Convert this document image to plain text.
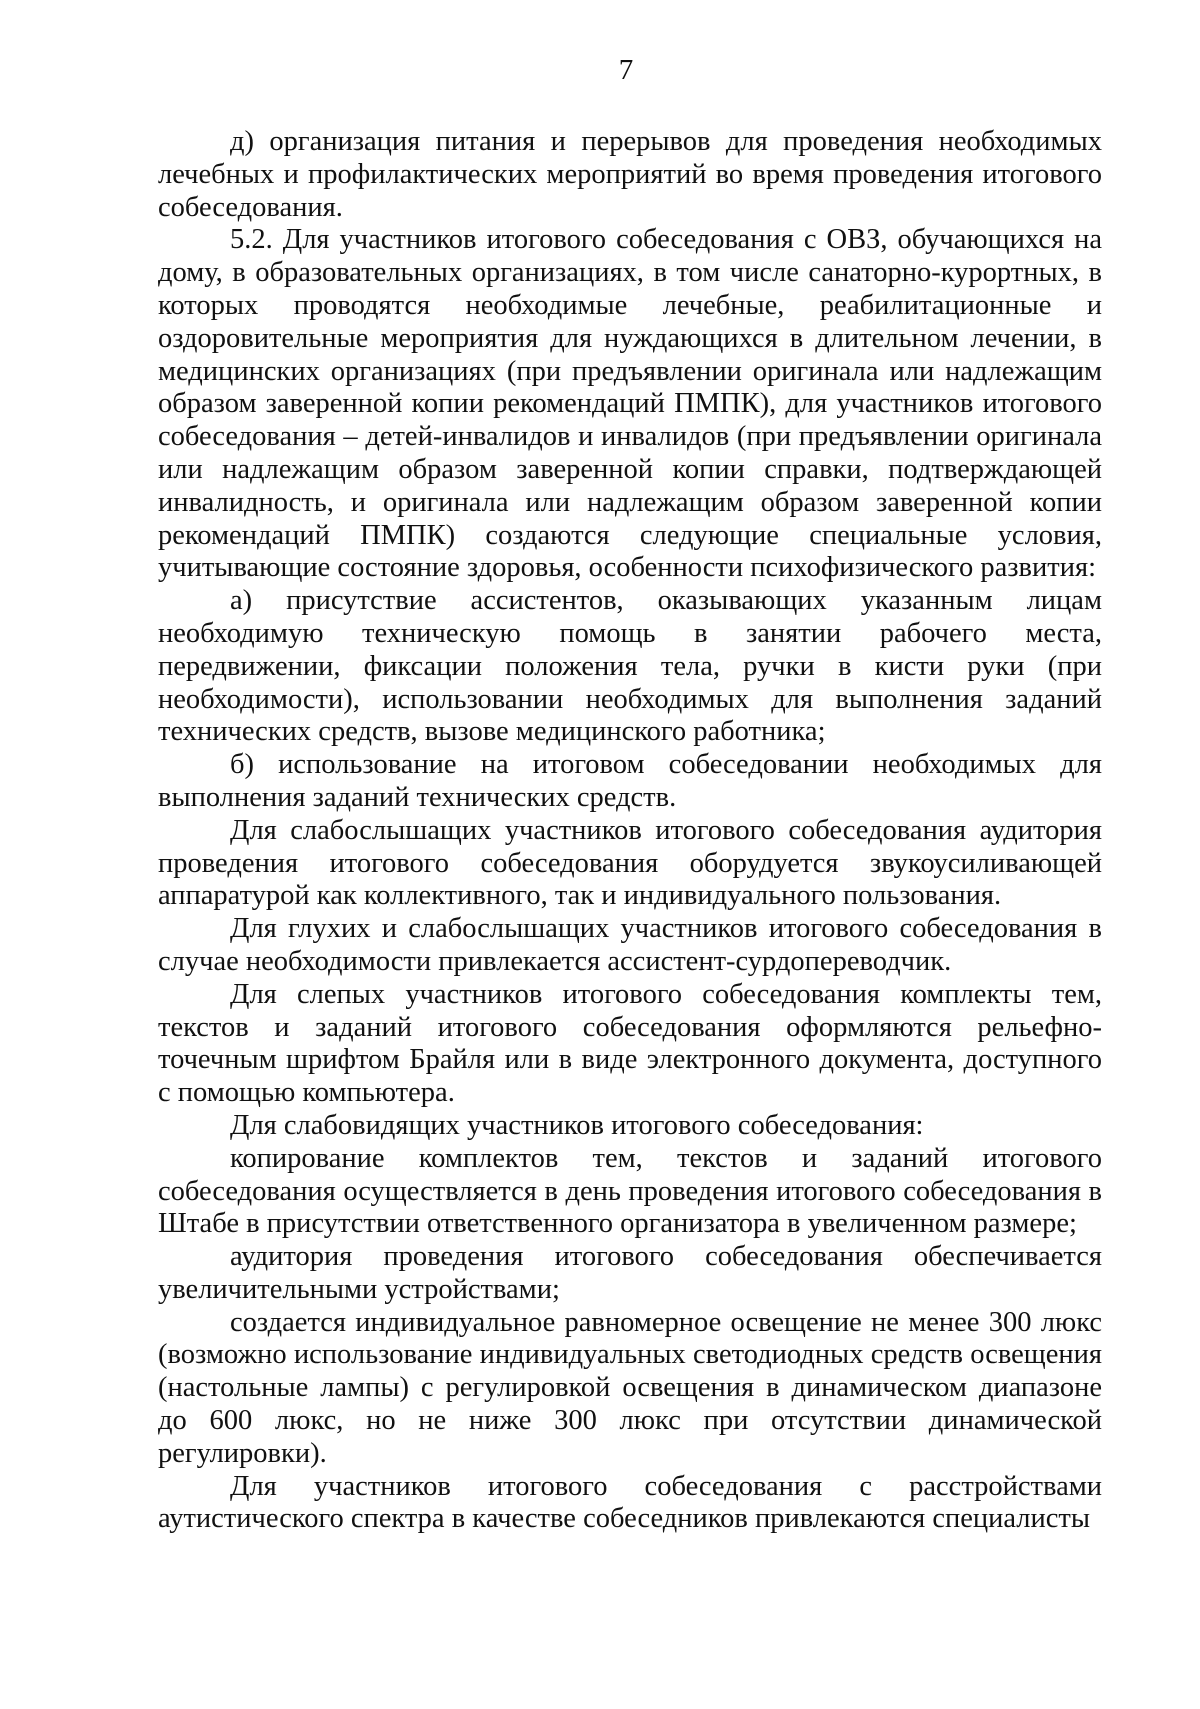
7

д) организация питания и перерывов для проведения необходимых лечебных и профилактических мероприятий во время проведения итогового собеседования.

5.2. Для участников итогового собеседования с ОВЗ, обучающихся на дому, в образовательных организациях, в том числе санаторно-курортных, в которых проводятся необходимые лечебные, реабилитационные и оздоровительные мероприятия для нуждающихся в длительном лечении, в медицинских организациях (при предъявлении оригинала или надлежащим образом заверенной копии рекомендаций ПМПК), для участников итогового собеседования – детей-инвалидов и инвалидов (при предъявлении оригинала или надлежащим образом заверенной копии справки, подтверждающей инвалидность, и оригинала или надлежащим образом заверенной копии рекомендаций ПМПК) создаются следующие специальные условия, учитывающие состояние здоровья, особенности психофизического развития:

а) присутствие ассистентов, оказывающих указанным лицам необходимую техническую помощь в занятии рабочего места, передвижении, фиксации положения тела, ручки в кисти руки (при необходимости), использовании необходимых для выполнения заданий технических средств, вызове медицинского работника;

б) использование на итоговом собеседовании необходимых для выполнения заданий технических средств.

Для слабослышащих участников итогового собеседования аудитория проведения итогового собеседования оборудуется звукоусиливающей аппаратурой как коллективного, так и индивидуального пользования.

Для глухих и слабослышащих участников итогового собеседования в случае необходимости привлекается ассистент-сурдопереводчик.

Для слепых участников итогового собеседования комплекты тем, текстов и заданий итогового собеседования оформляются рельефно-точечным шрифтом Брайля или в виде электронного документа, доступного с помощью компьютера.

Для слабовидящих участников итогового собеседования:

копирование комплектов тем, текстов и заданий итогового собеседования осуществляется в день проведения итогового собеседования в Штабе в присутствии ответственного организатора в увеличенном размере;

аудитория проведения итогового собеседования обеспечивается увеличительными устройствами;

создается индивидуальное равномерное освещение не менее 300 люкс (возможно использование индивидуальных светодиодных средств освещения (настольные лампы) с регулировкой освещения в динамическом диапазоне до 600 люкс, но не ниже 300 люкс при отсутствии динамической регулировки).

Для участников итогового собеседования с расстройствами аутистического спектра в качестве собеседников привлекаются специалисты
